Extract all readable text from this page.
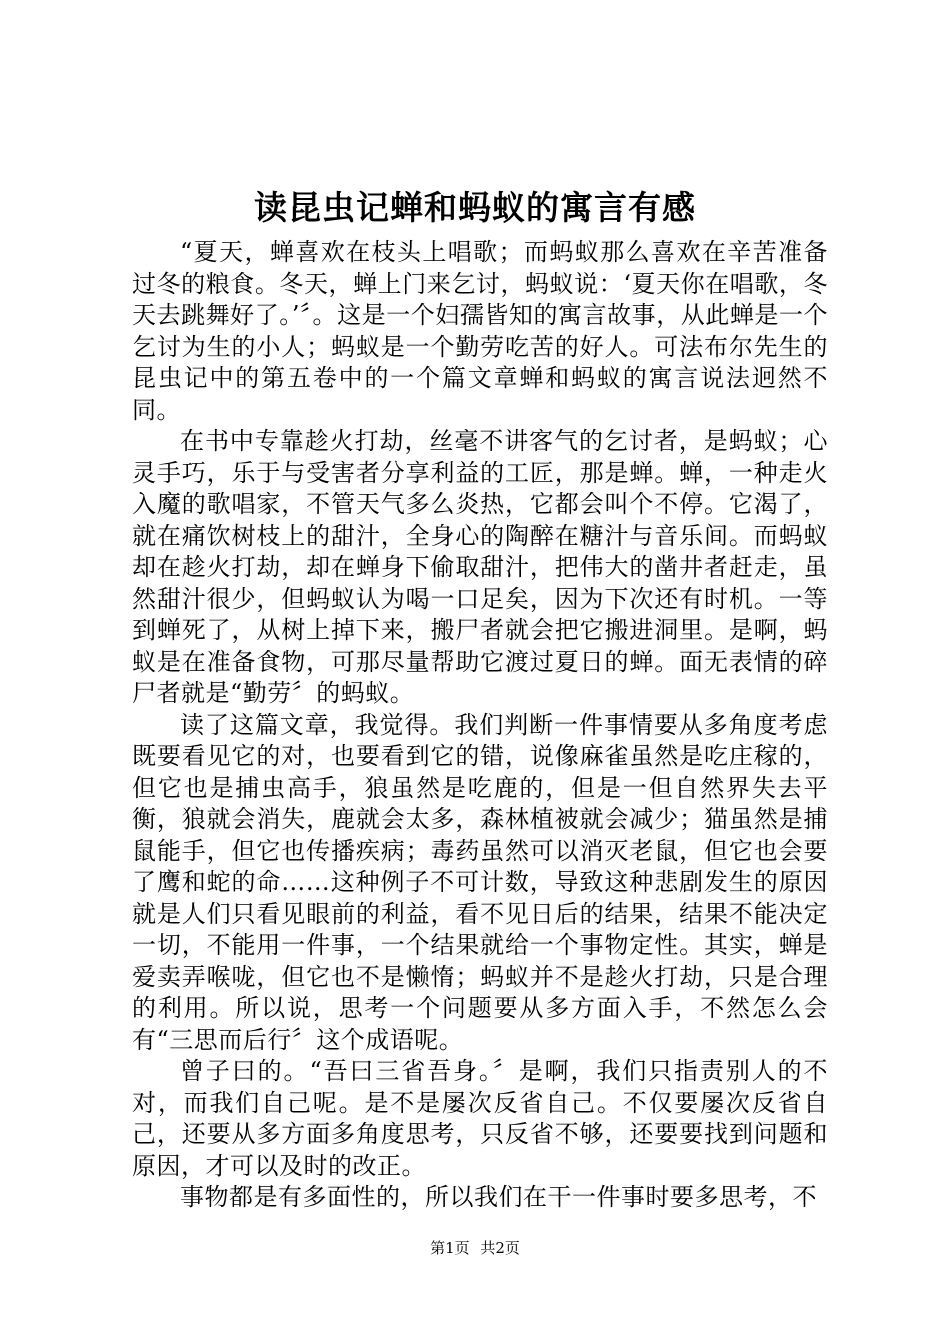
读昆虫记蝉和蚂蚁的寓言有感

“夏天，蝉喜欢在枝头上唱歌；而蚂蚁那么喜欢在辛苦准备过冬的粮食。冬天，蝉上门来乞讨，蚂蚁说：‘夏天你在唱歌，冬天去跳舞好了。’〞。这是一个妇孺皆知的寓言故事，从此蝉是一个乞讨为生的小人；蚂蚁是一个勤劳吃苦的好人。可法布尔先生的昆虫记中的第五卷中的一个篇文章蝉和蚂蚁的寓言说法迥然不同。

在书中专靠趁火打劫，丝毫不讲客气的乞讨者，是蚂蚁；心灵手巧，乐于与受害者分享利益的工匠，那是蝉。蝉，一种走火入魔的歌唱家，不管天气多么炎热，它都会叫个不停。它渴了，就在痛饮树枝上的甜汁，全身心的陶醉在糖汁与音乐间。而蚂蚁却在趁火打劫，却在蝉身下偷取甜汁，把伟大的凿井者赶走，虽然甜汁很少，但蚂蚁认为喝一口足矣，因为下次还有时机。一等到蝉死了，从树上掉下来，搬尸者就会把它搬进洞里。是啊，蚂蚁是在准备食物，可那尽量帮助它渡过夏日的蝉。面无表情的碎尸者就是“勤劳〞的蚂蚁。

读了这篇文章，我觉得。我们判断一件事情要从多角度考虑既要看见它的对，也要看到它的错，说像麻雀虽然是吃庄稼的，但它也是捕虫高手，狼虽然是吃鹿的，但是一但自然界失去平衡，狼就会消失，鹿就会太多，森林植被就会减少；猫虽然是捕鼠能手，但它也传播疾病；毒药虽然可以消灭老鼠，但它也会要了鹰和蛇的命……这种例子不可计数，导致这种悲剧发生的原因就是人们只看见眼前的利益，看不见日后的结果，结果不能决定一切，不能用一件事，一个结果就给一个事物定性。其实，蝉是爱卖弄喉咙，但它也不是懒惰；蚂蚁并不是趁火打劫，只是合理的利用。所以说，思考一个问题要从多方面入手，不然怎么会有“三思而后行〞这个成语呢。

曾子曰的。“吾曰三省吾身。〞是啊，我们只指责别人的不对，而我们自己呢。是不是屡次反省自己。不仅要屡次反省自己，还要从多方面多角度思考，只反省不够，还要要找到问题和原因，才可以及时的改正。

事物都是有多面性的，所以我们在干一件事时要多思考，不

第1页 共2页
